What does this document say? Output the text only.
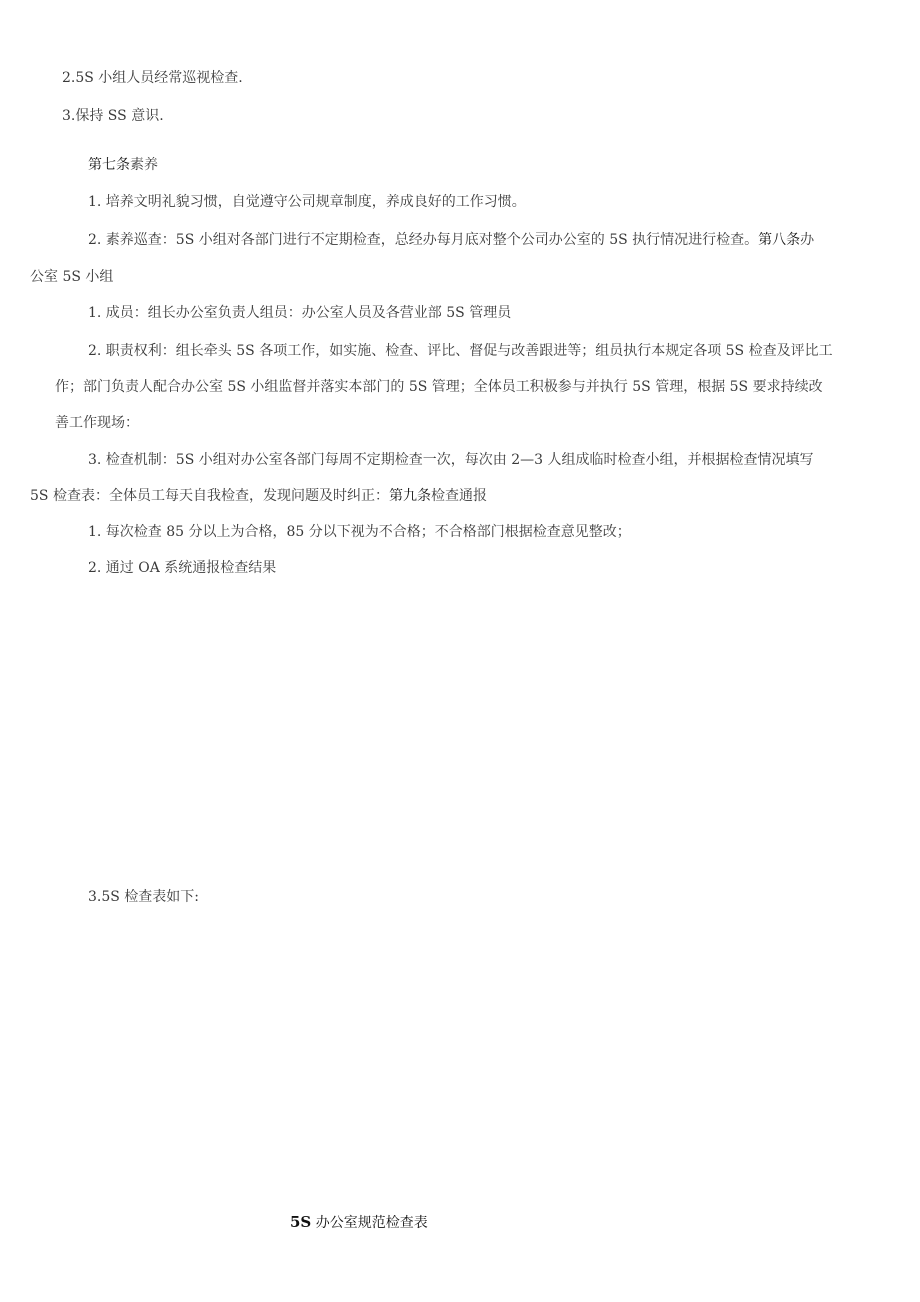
2.5S 小组人员经常巡视检查.
3.保持 SS 意识.
第七条素养
1. 培养文明礼貌习惯，自觉遵守公司规章制度，养成良好的工作习惯。
2. 素养巡查：5S 小组对各部门进行不定期检查，总经办每月底对整个公司办公室的 5S 执行情况进行检查。第八条办
公室 5S 小组
1. 成员：组长办公室负责人组员：办公室人员及各营业部 5S 管理员
2. 职责权利：组长牵头 5S 各项工作，如实施、检查、评比、督促与改善跟进等；组员执行本规定各项 5S 检查及评比工
作；部门负责人配合办公室 5S 小组监督并落实本部门的 5S 管理；全体员工积极参与并执行 5S 管理，根据 5S 要求持续改
善工作现场：
3. 检查机制：5S 小组对办公室各部门每周不定期检查一次，每次由 2—3 人组成临时检查小组，并根据检查情况填写
5S 检查表：全体员工每天自我检查，发现问题及时纠正：第九条检查通报
1. 每次检查 85 分以上为合格，85 分以下视为不合格；不合格部门根据检查意见整改；
2. 通过 OA 系统通报检查结果
3.5S 检查表如下:
5S 办公室规范检查表
